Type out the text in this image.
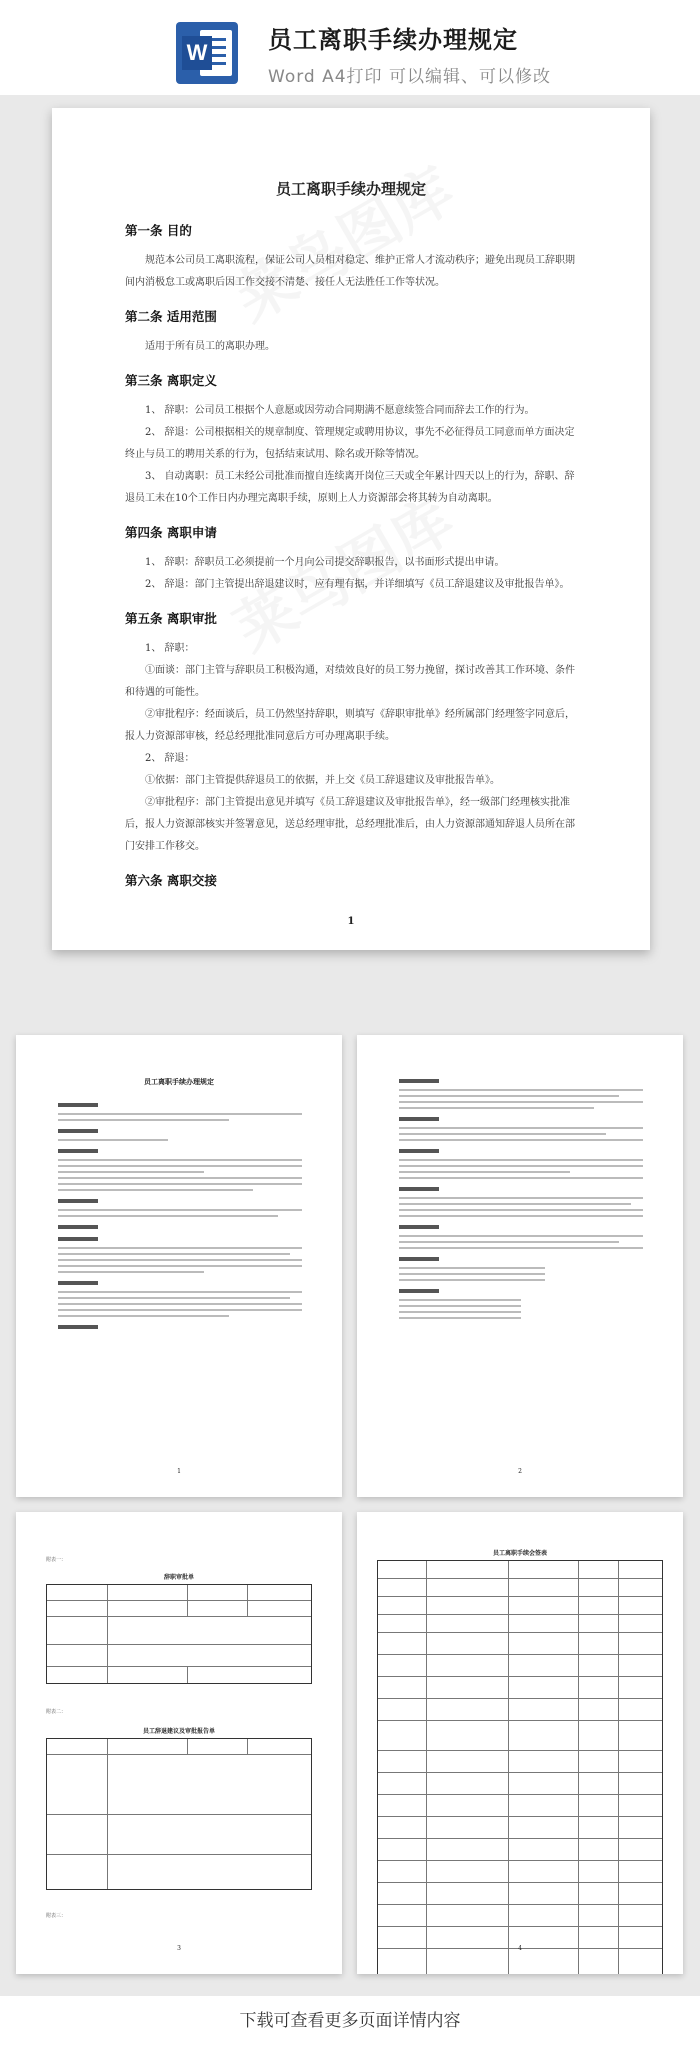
W	员工离职手续办理规定
Word A4打印 可以编辑、可以修改
员工离职手续办理规定
第一条 目的
规范本公司员工离职流程，保证公司人员相对稳定、维护正常人才流动秩序；避免出现员工辞职期间内消极怠工或离职后因工作交接不清楚、接任人无法胜任工作等状况。
第二条 适用范围
适用于所有员工的离职办理。
第三条 离职定义
1、 辞职：公司员工根据个人意愿或因劳动合同期满不愿意续签合同而辞去工作的行为。
2、 辞退：公司根据相关的规章制度、管理规定或聘用协议，事先不必征得员工同意而单方面决定终止与员工的聘用关系的行为，包括结束试用、除名或开除等情况。
3、 自动离职：员工未经公司批准而擅自连续离开岗位三天或全年累计四天以上的行为，辞职、辞退员工未在10个工作日内办理完离职手续，原则上人力资源部会将其转为自动离职。
第四条 离职申请
1、 辞职：辞职员工必须提前一个月向公司提交辞职报告，以书面形式提出申请。
2、 辞退：部门主管提出辞退建议时，应有理有据，并详细填写《员工辞退建议及审批报告单》。
第五条 离职审批
1、 辞职：
①面谈：部门主管与辞职员工积极沟通，对绩效良好的员工努力挽留，探讨改善其工作环境、条件和待遇的可能性。
②审批程序：经面谈后，员工仍然坚持辞职，则填写《辞职审批单》经所属部门经理签字同意后，报人力资源部审核，经总经理批准同意后方可办理离职手续。
2、 辞退：
①依据：部门主管提供辞退员工的依据，并上交《员工辞退建议及审批报告单》。
②审批程序：部门主管提出意见并填写《员工辞退建议及审批报告单》，经一级部门经理核实批准后，报人力资源部核实并签署意见，送总经理审批，总经理批准后，由人力资源部通知辞退人员所在部门安排工作移交。
第六条 离职交接
1
员工离职手续办理规定
1	2
附表一：
辞职审批单
附表二：
员工辞退建议及审批报告单
附表三：
3
员工离职手续会签表
4
下载可查看更多页面详情内容
